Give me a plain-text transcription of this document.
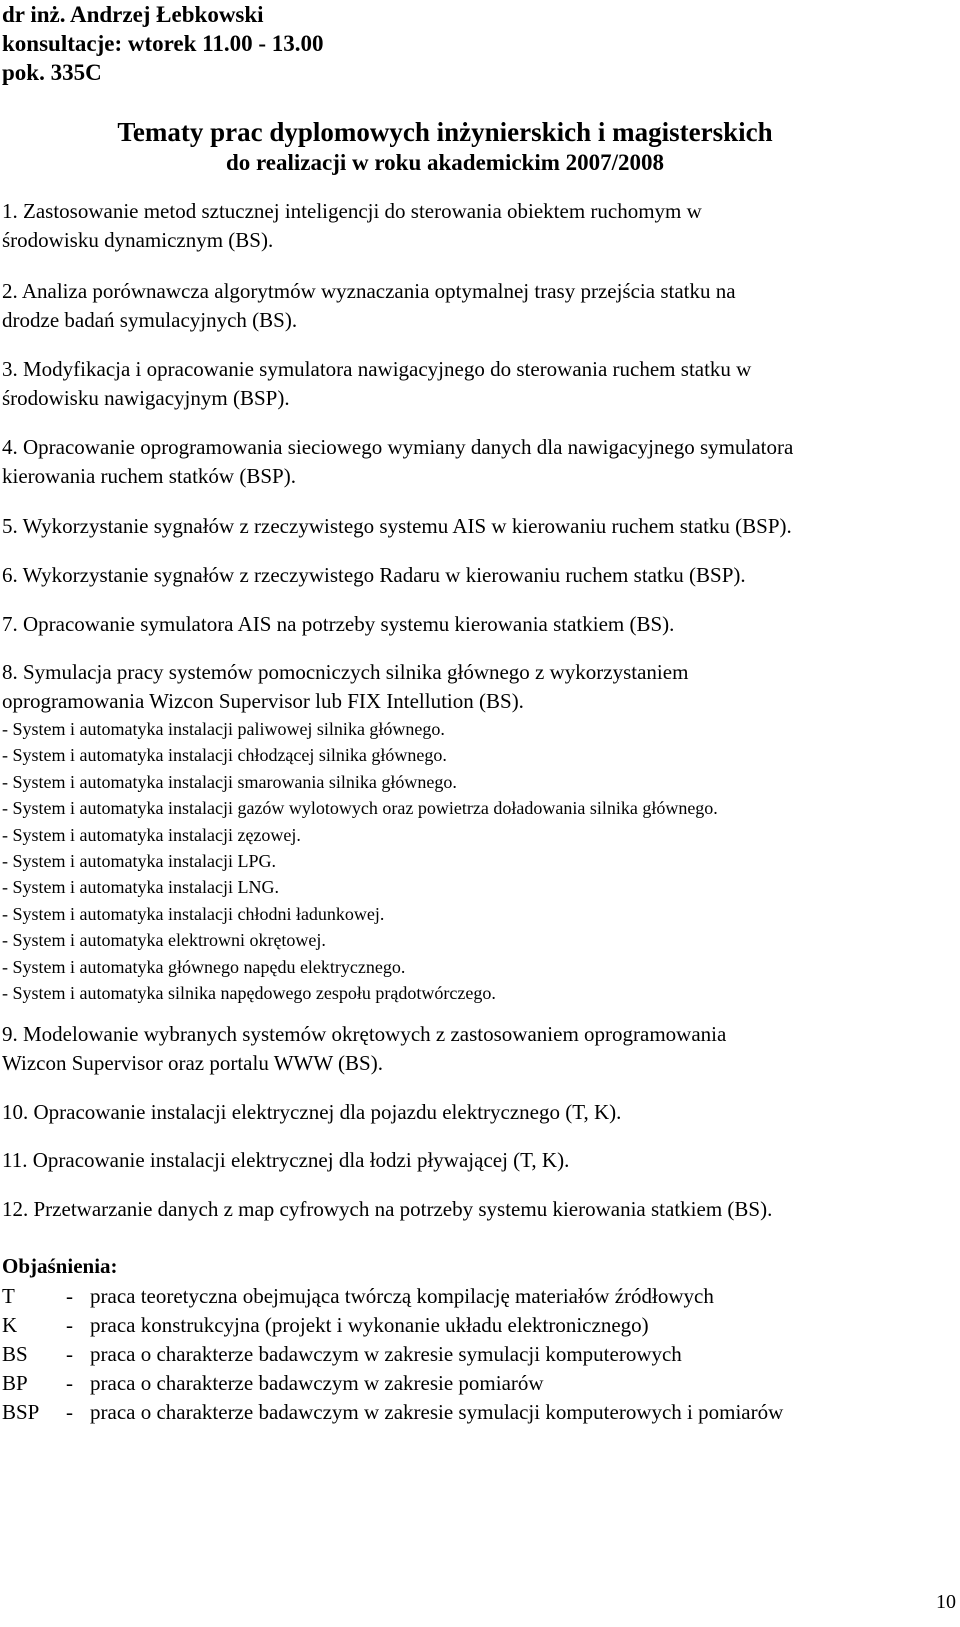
dr inż. Andrzej Łebkowski
konsultacje: wtorek 11.00 - 13.00
pok. 335C
Tematy prac dyplomowych inżynierskich i magisterskich
do realizacji w roku akademickim 2007/2008
1. Zastosowanie metod sztucznej inteligencji do sterowania obiektem ruchomym w
środowisku dynamicznym (BS).
2. Analiza porównawcza algorytmów wyznaczania optymalnej trasy przejścia statku na
drodze badań symulacyjnych (BS).
3. Modyfikacja i opracowanie symulatora nawigacyjnego do sterowania ruchem statku w
środowisku nawigacyjnym (BSP).
4. Opracowanie oprogramowania sieciowego wymiany danych dla nawigacyjnego symulatora
kierowania ruchem statków (BSP).
5. Wykorzystanie sygnałów z rzeczywistego systemu AIS w kierowaniu ruchem statku (BSP).
6. Wykorzystanie sygnałów z rzeczywistego Radaru w kierowaniu ruchem statku (BSP).
7. Opracowanie symulatora AIS na potrzeby systemu kierowania statkiem (BS).
8. Symulacja pracy systemów pomocniczych silnika głównego z wykorzystaniem
oprogramowania Wizcon Supervisor lub FIX Intellution (BS).
- System i automatyka instalacji paliwowej silnika głównego.
- System i automatyka instalacji chłodzącej silnika głównego.
- System i automatyka instalacji smarowania silnika głównego.
- System i automatyka instalacji gazów wylotowych oraz powietrza doładowania silnika głównego.
- System i automatyka instalacji zęzowej.
- System i automatyka instalacji LPG.
- System i automatyka instalacji LNG.
- System i automatyka instalacji chłodni ładunkowej.
- System i automatyka elektrowni okrętowej.
- System i automatyka głównego napędu elektrycznego.
- System i automatyka silnika napędowego zespołu prądotwórczego.
9. Modelowanie wybranych systemów okrętowych z zastosowaniem oprogramowania
Wizcon Supervisor oraz portalu WWW (BS).
10. Opracowanie instalacji elektrycznej dla pojazdu elektrycznego (T, K).
11. Opracowanie instalacji elektrycznej dla łodzi pływającej (T, K).
12. Przetwarzanie danych z map cyfrowych na potrzeby systemu kierowania statkiem (BS).
Objaśnienia:
T	- praca teoretyczna obejmująca twórczą kompilację materiałów źródłowych
K	- praca konstrukcyjna (projekt i wykonanie układu elektronicznego)
BS	- praca o charakterze badawczym w zakresie symulacji komputerowych
BP	- praca o charakterze badawczym w zakresie pomiarów
BSP	- praca o charakterze badawczym w zakresie symulacji komputerowych i pomiarów
10
